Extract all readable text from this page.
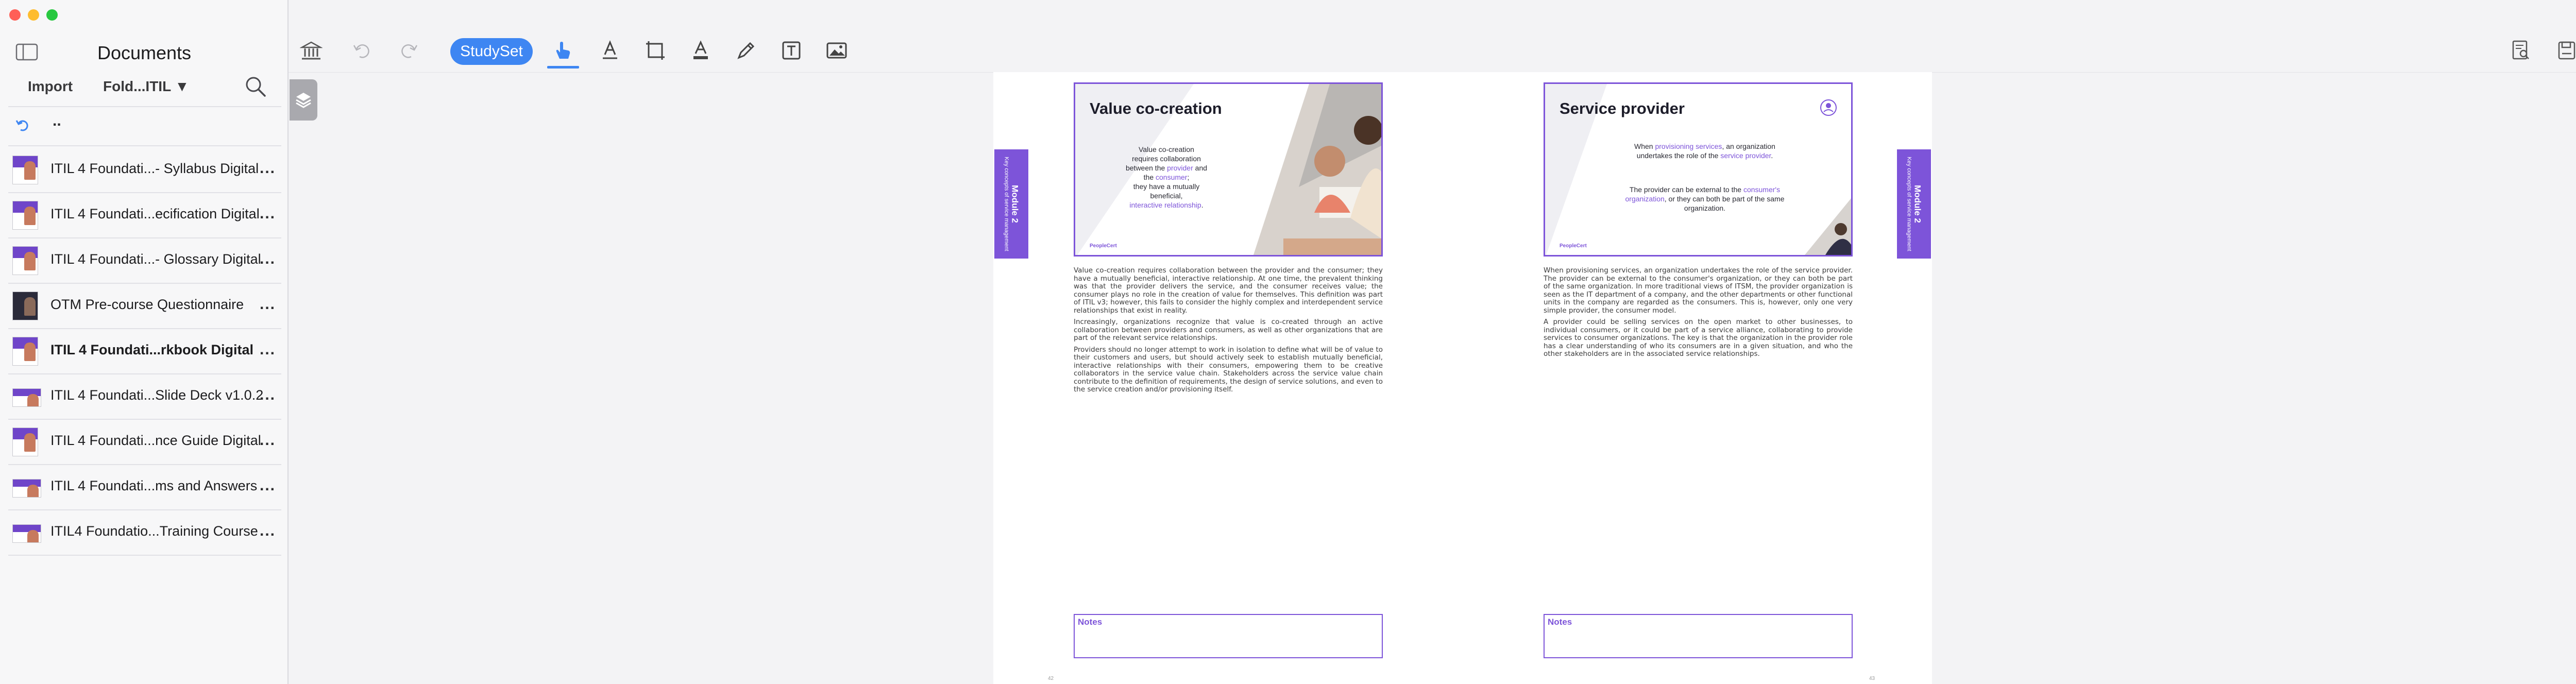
Documents
Import Fold...ITIL ▼
..
ITIL 4 Foundati...- Syllabus Digital ...
ITIL 4 Foundati...ecification Digital ...
ITIL 4 Foundati...- Glossary Digital
...
OTM Pre-course Questionnaire ...
ITIL 4 Foundati...rkbook Digital ...
ITIL 4 Foundati...Slide Deck v1.0.2
...
ITIL 4 Foundati...nce Guide Digital
...
ITIL 4 Foundati...ms and Answers ...
ITIL4 Foundatio...Training Course ...
StudySet
Module 2
Key concepts of service management
Value co-creation
Value co-creation
requires collaboration
between the provider and
the consumer;
they have a mutually
beneficial,
interactive relationship.
PeopleCert

Value co-creation requires collaboration between the provider and the consumer; they have a mutually beneficial, interactive relationship. At one time, the prevalent thinking was that the provider delivers the service, and the consumer receives value; the consumer plays no role in the creation of value for themselves. This definition was part of ITIL v3; however, this fails to consider the highly complex and interdependent service relationships that exist in reality.

Increasingly, organizations recognize that value is co-created through an active collaboration between providers and consumers, as well as other organizations that are part of the relevant service relationships.

Providers should no longer attempt to work in isolation to define what will be of value to their customers and users, but should actively seek to establish mutually beneficial, interactive relationships with their consumers, empowering them to be creative collaborators in the service value chain. Stakeholders across the service value chain contribute to the definition of requirements, the design of service solutions, and even to the service creation and/or provisioning itself.

Notes
42
Service provider
When provisioning services, an organization undertakes the role of the service provider.
The provider can be external to the consumer's organization, or they can both be part of the same organization.
PeopleCert
Module 2
Key concepts of service management

When provisioning services, an organization undertakes the role of the service provider. The provider can be external to the consumer's organization, or they can both be part of the same organization. In more traditional views of ITSM, the provider organization is seen as the IT department of a company, and the other departments or other functional units in the company are regarded as the consumers. This is, however, only one very simple provider, the consumer model.

A provider could be selling services on the open market to other businesses, to individual consumers, or it could be part of a service alliance, collaborating to provide services to consumer organizations. The key is that the organization in the provider role has a clear understanding of who its consumers are in a given situation, and who the other stakeholders are in the associated service relationships.

Notes
43
